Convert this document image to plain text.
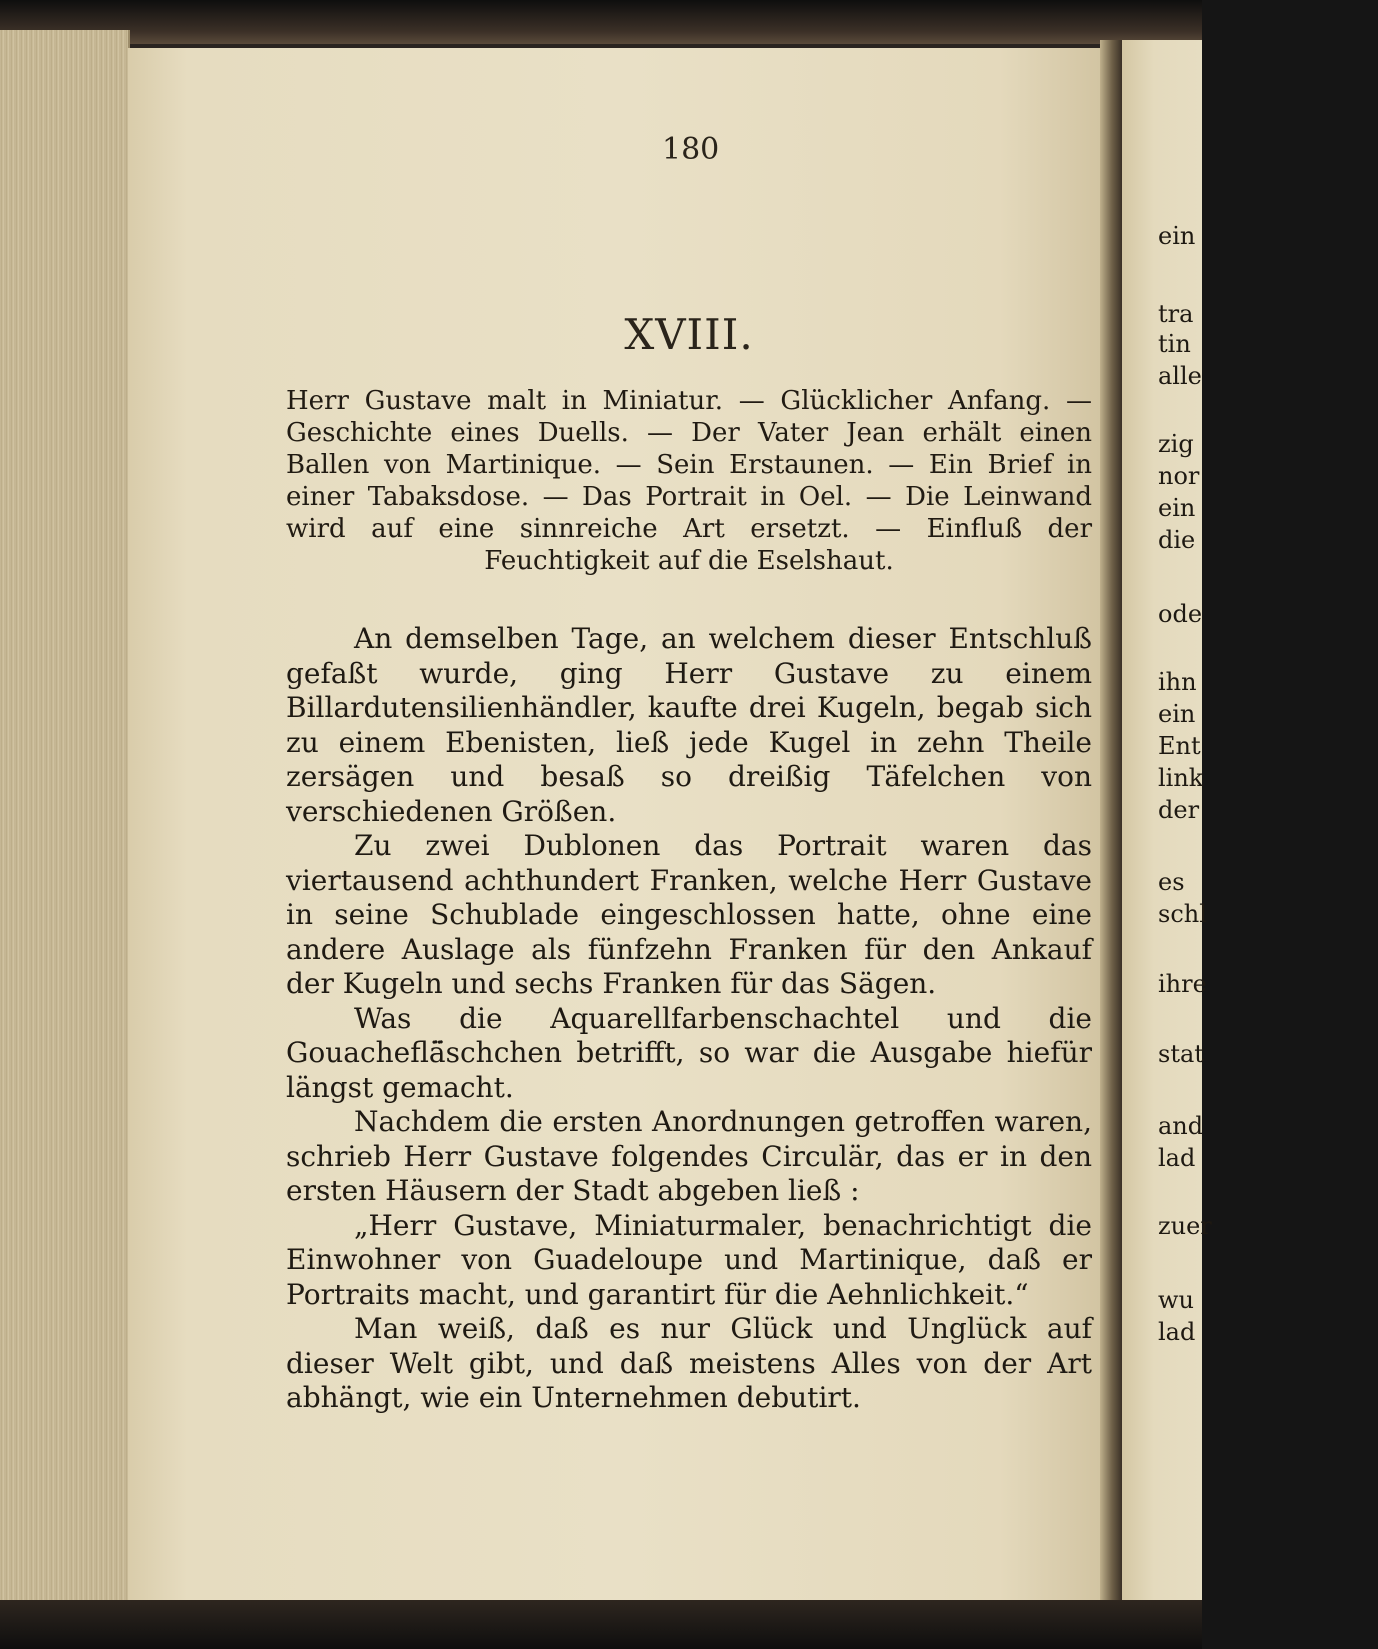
ein
tra
tin
alle
zig
nor
ein
die
ode
ihn
ein
Ent
link
der
es
schl
ihre
stat
and
lad
zuer
wu
lad
180
XVIII.
Herr Gustave malt in Miniatur. — Glücklicher Anfang. — Geschichte eines Duells. — Der Vater Jean erhält einen Ballen von Martinique. — Sein Erstaunen. — Ein Brief in einer Tabaksdose. — Das Portrait in Oel. — Die Leinwand wird auf eine sinnreiche Art ersetzt. — Einfluß der Feuchtigkeit auf die Eselshaut.

An demselben Tage, an welchem dieser Entschluß gefaßt wurde, ging Herr Gustave zu einem Billardutensilienhändler, kaufte drei Kugeln, begab sich zu einem Ebenisten, ließ jede Kugel in zehn Theile zersägen und besaß so dreißig Täfelchen von verschiedenen Größen.

Zu zwei Dublonen das Portrait waren das viertausend achthundert Franken, welche Herr Gustave in seine Schublade eingeschlossen hatte, ohne eine andere Auslage als fünfzehn Franken für den Ankauf der Kugeln und sechs Franken für das Sägen.

Was die Aquarellfarbenschachtel und die Gouacheflä̈schchen betrifft, so war die Ausgabe hiefür längst gemacht.

Nachdem die ersten Anordnungen getroffen waren, schrieb Herr Gustave folgendes Circulär, das er in den ersten Häusern der Stadt abgeben ließ :

„Herr Gustave, Miniaturmaler, benachrichtigt die Einwohner von Guadeloupe und Martinique, daß er Portraits macht, und garantirt für die Aehnlichkeit.“

Man weiß, daß es nur Glück und Unglück auf dieser Welt gibt, und daß meistens Alles von der Art abhängt, wie ein Unternehmen debutirt.
